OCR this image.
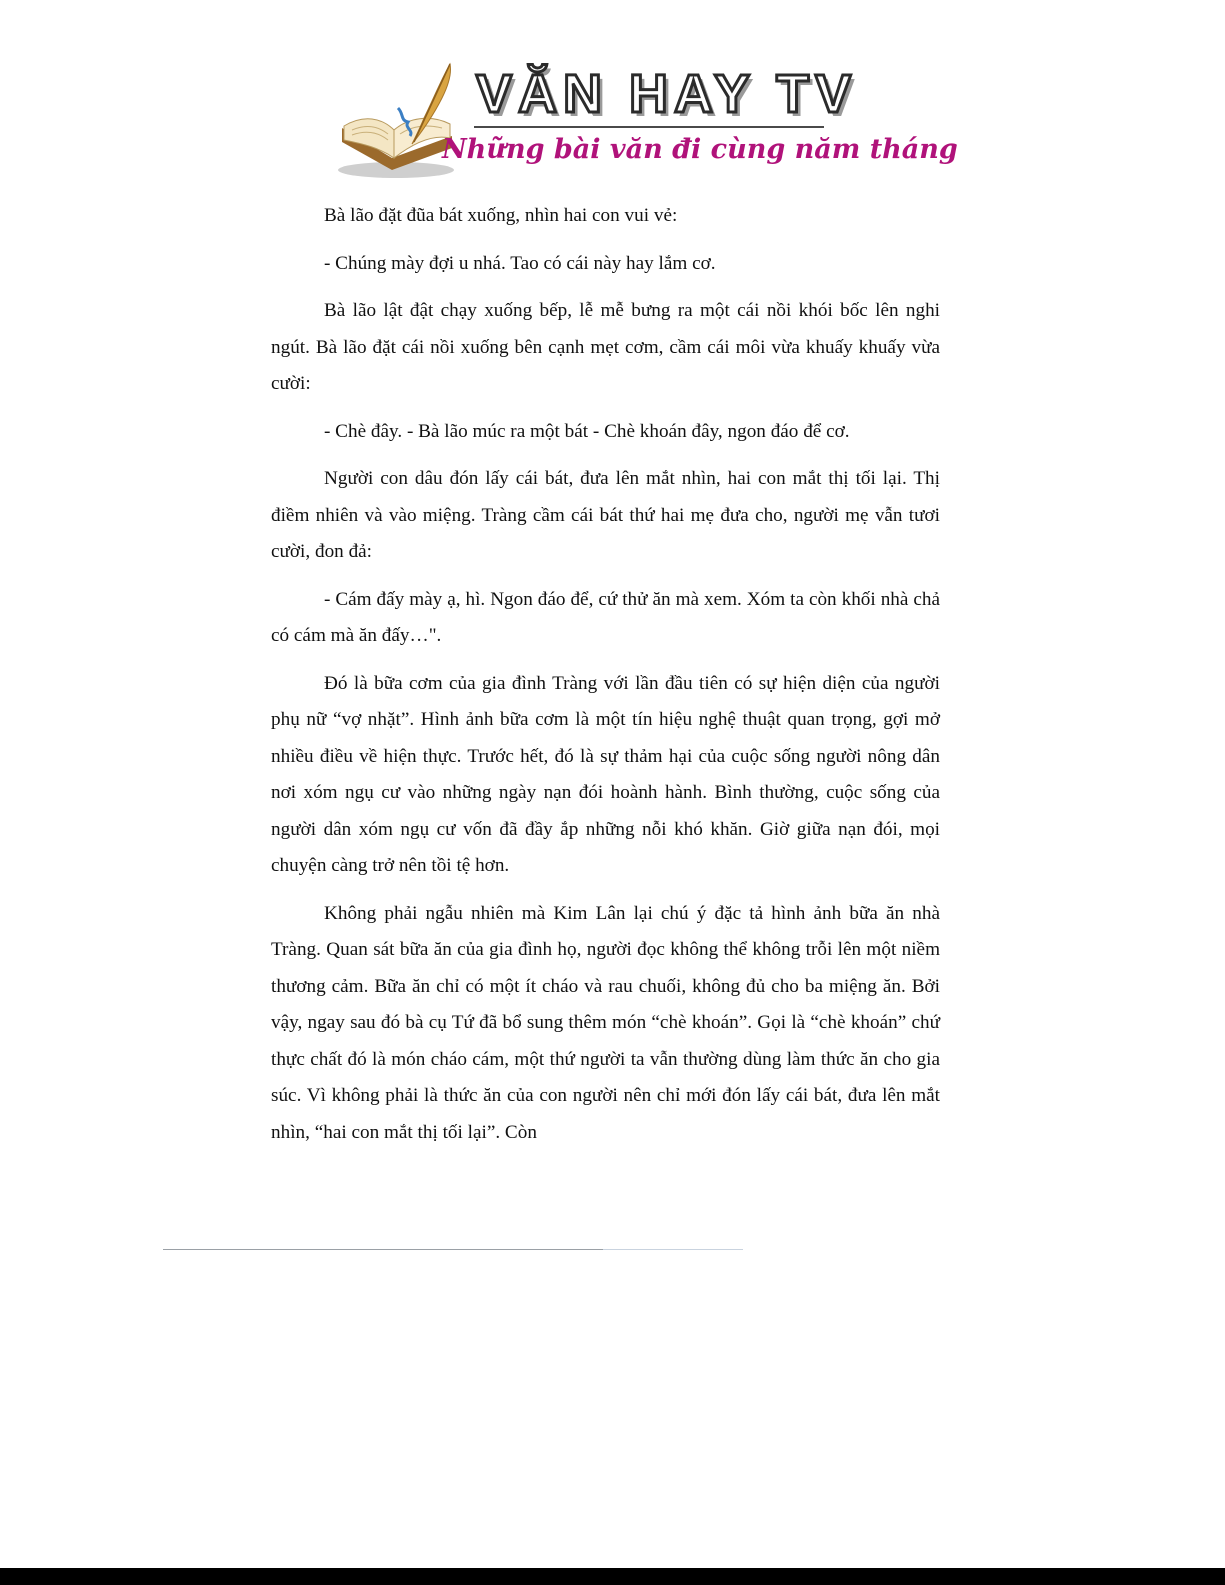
VĂN HAY TV
Những bài văn đi cùng năm tháng

Bà lão đặt đũa bát xuống, nhìn hai con vui vẻ:

- Chúng mày đợi u nhá. Tao có cái này hay lắm cơ.

Bà lão lật đật chạy xuống bếp, lễ mễ bưng ra một cái nồi khói bốc lên nghi ngút. Bà lão đặt cái nồi xuống bên cạnh mẹt cơm, cầm cái môi vừa khuấy khuấy vừa cười:

- Chè đây. - Bà lão múc ra một bát - Chè khoán đây, ngon đáo để cơ.

Người con dâu đón lấy cái bát, đưa lên mắt nhìn, hai con mắt thị tối lại. Thị điềm nhiên và vào miệng. Tràng cầm cái bát thứ hai mẹ đưa cho, người mẹ vẫn tươi cười, đon đả:

- Cám đấy mày ạ, hì. Ngon đáo để, cứ thử ăn mà xem. Xóm ta còn khối nhà chả có cám mà ăn đấy…".

Đó là bữa cơm của gia đình Tràng với lần đầu tiên có sự hiện diện của người phụ nữ “vợ nhặt”. Hình ảnh bữa cơm là một tín hiệu nghệ thuật quan trọng, gợi mở nhiều điều về hiện thực. Trước hết, đó là sự thảm hại của cuộc sống người nông dân nơi xóm ngụ cư vào những ngày nạn đói hoành hành. Bình thường, cuộc sống của người dân xóm ngụ cư vốn đã đầy ắp những nỗi khó khăn. Giờ giữa nạn đói, mọi chuyện càng trở nên tồi tệ hơn.

Không phải ngẫu nhiên mà Kim Lân lại chú ý đặc tả hình ảnh bữa ăn nhà Tràng. Quan sát bữa ăn của gia đình họ, người đọc không thể không trỗi lên một niềm thương cảm. Bữa ăn chỉ có một ít cháo và rau chuối, không đủ cho ba miệng ăn. Bởi vậy, ngay sau đó bà cụ Tứ đã bổ sung thêm món “chè khoán”. Gọi là “chè khoán” chứ thực chất đó là món cháo cám, một thứ người ta vẫn thường dùng làm thức ăn cho gia súc. Vì không phải là thức ăn của con người nên chỉ mới đón lấy cái bát, đưa lên mắt nhìn, “hai con mắt thị tối lại”. Còn
